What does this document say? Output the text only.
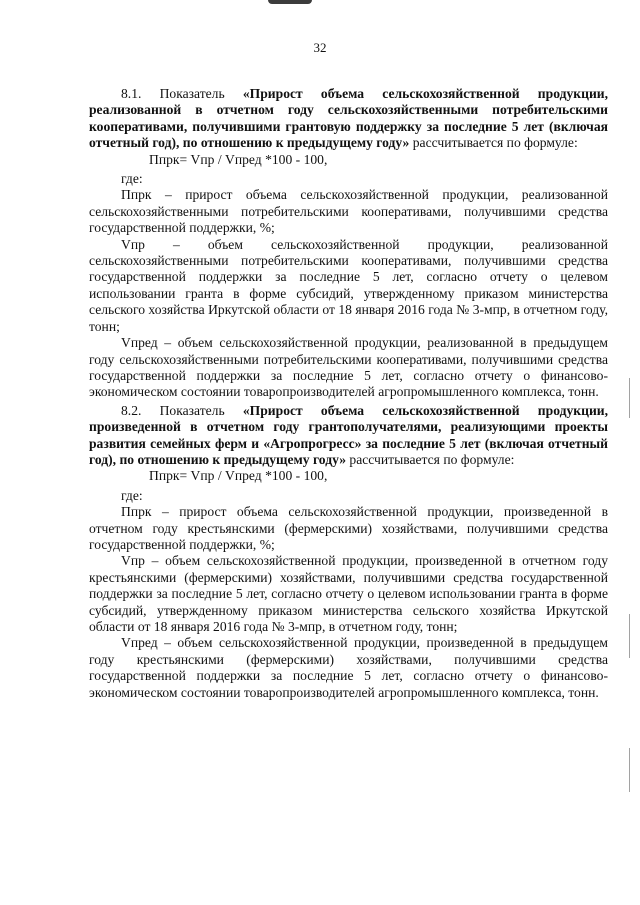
32

8.1. Показатель «Прирост объема сельскохозяйственной продукции, реализованной в отчетном году сельскохозяйственными потребительскими кооперативами, получившими грантовую поддержку за последние 5 лет (включая отчетный год), по отношению к предыдущему году» рассчитывается по формуле:

Ппрк= Vпр / Vпред *100 - 100,

где:

Ппрк – прирост объема сельскохозяйственной продукции, реализованной сельскохозяйственными потребительскими кооперативами, получившими средства государственной поддержки, %;

Vпр – объем сельскохозяйственной продукции, реализованной сельскохозяйственными потребительскими кооперативами, получившими средства государственной поддержки за последние 5 лет, согласно отчету о целевом использовании гранта в форме субсидий, утвержденному приказом министерства сельского хозяйства Иркутской области от 18 января 2016 года № 3-мпр, в отчетном году, тонн;

Vпред – объем сельскохозяйственной продукции, реализованной в предыдущем году сельскохозяйственными потребительскими кооперативами, получившими средства государственной поддержки за последние 5 лет, согласно отчету о финансово-экономическом состоянии товаропроизводителей агропромышленного комплекса, тонн.

8.2. Показатель «Прирост объема сельскохозяйственной продукции, произведенной в отчетном году грантополучателями, реализующими проекты развития семейных ферм и «Агропрогресс» за последние 5 лет (включая отчетный год), по отношению к предыдущему году» рассчитывается по формуле:

Ппрк= Vпр / Vпред *100 - 100,

где:

Ппрк – прирост объема сельскохозяйственной продукции, произведенной в отчетном году крестьянскими (фермерскими) хозяйствами, получившими средства государственной поддержки, %;

Vпр – объем сельскохозяйственной продукции, произведенной в отчетном году крестьянскими (фермерскими) хозяйствами, получившими средства государственной поддержки за последние 5 лет, согласно отчету о целевом использовании гранта в форме субсидий, утвержденному приказом министерства сельского хозяйства Иркутской области от 18 января 2016 года № 3-мпр, в отчетном году, тонн;

Vпред – объем сельскохозяйственной продукции, произведенной в предыдущем году крестьянскими (фермерскими) хозяйствами, получившими средства государственной поддержки за последние 5 лет, согласно отчету о финансово-экономическом состоянии товаропроизводителей агропромышленного комплекса, тонн.
